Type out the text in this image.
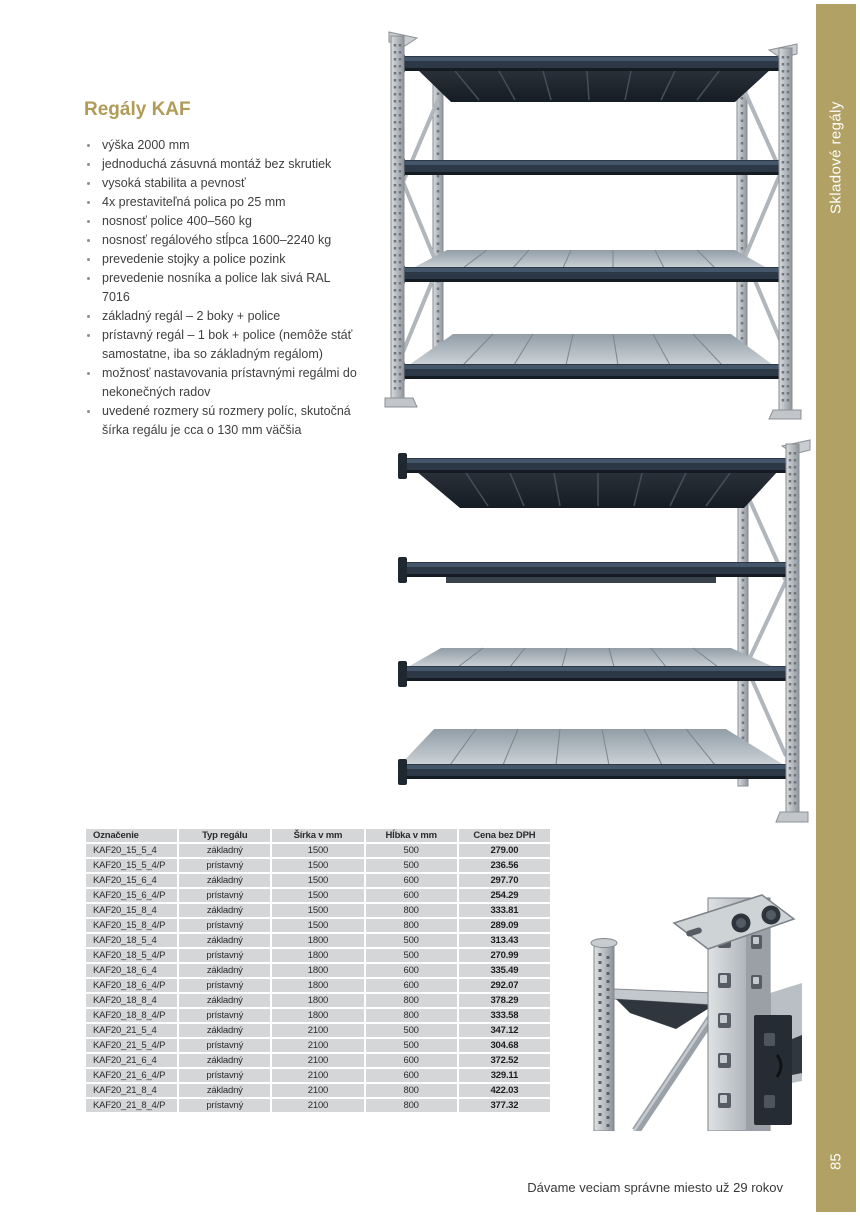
Skladové regály
85
Regály KAF
výška 2000 mm
jednoduchá zásuvná montáž bez skrutiek
vysoká stabilita a pevnosť
4x prestaviteľná polica po 25 mm
nosnosť police 400–560 kg
nosnosť regálového stĺpca 1600–2240 kg
prevedenie stojky a police pozink
prevedenie nosníka a police lak sivá RAL 7016
základný regál – 2 boky + police
prístavný regál – 1 bok + police (nemôže stáť samostatne, iba so základným regálom)
možnosť nastavovania prístavnými regálmi do nekonečných radov
uvedené rozmery sú rozmery políc, skutočná šírka regálu je cca o 130 mm väčšia
Označenie	Typ regálu	Šírka v mm	Hĺbka v mm	Cena bez DPH
KAF20_15_5_4	základný	1500	500	279.00
KAF20_15_5_4/P	prístavný	1500	500	236.56
KAF20_15_6_4	základný	1500	600	297.70
KAF20_15_6_4/P	prístavný	1500	600	254.29
KAF20_15_8_4	základný	1500	800	333.81
KAF20_15_8_4/P	prístavný	1500	800	289.09
KAF20_18_5_4	základný	1800	500	313.43
KAF20_18_5_4/P	prístavný	1800	500	270.99
KAF20_18_6_4	základný	1800	600	335.49
KAF20_18_6_4/P	prístavný	1800	600	292.07
KAF20_18_8_4	základný	1800	800	378.29
KAF20_18_8_4/P	prístavný	1800	800	333.58
KAF20_21_5_4	základný	2100	500	347.12
KAF20_21_5_4/P	prístavný	2100	500	304.68
KAF20_21_6_4	základný	2100	600	372.52
KAF20_21_6_4/P	prístavný	2100	600	329.11
KAF20_21_8_4	základný	2100	800	422.03
KAF20_21_8_4/P	prístavný	2100	800	377.32
Dávame veciam správne miesto už 29 rokov
